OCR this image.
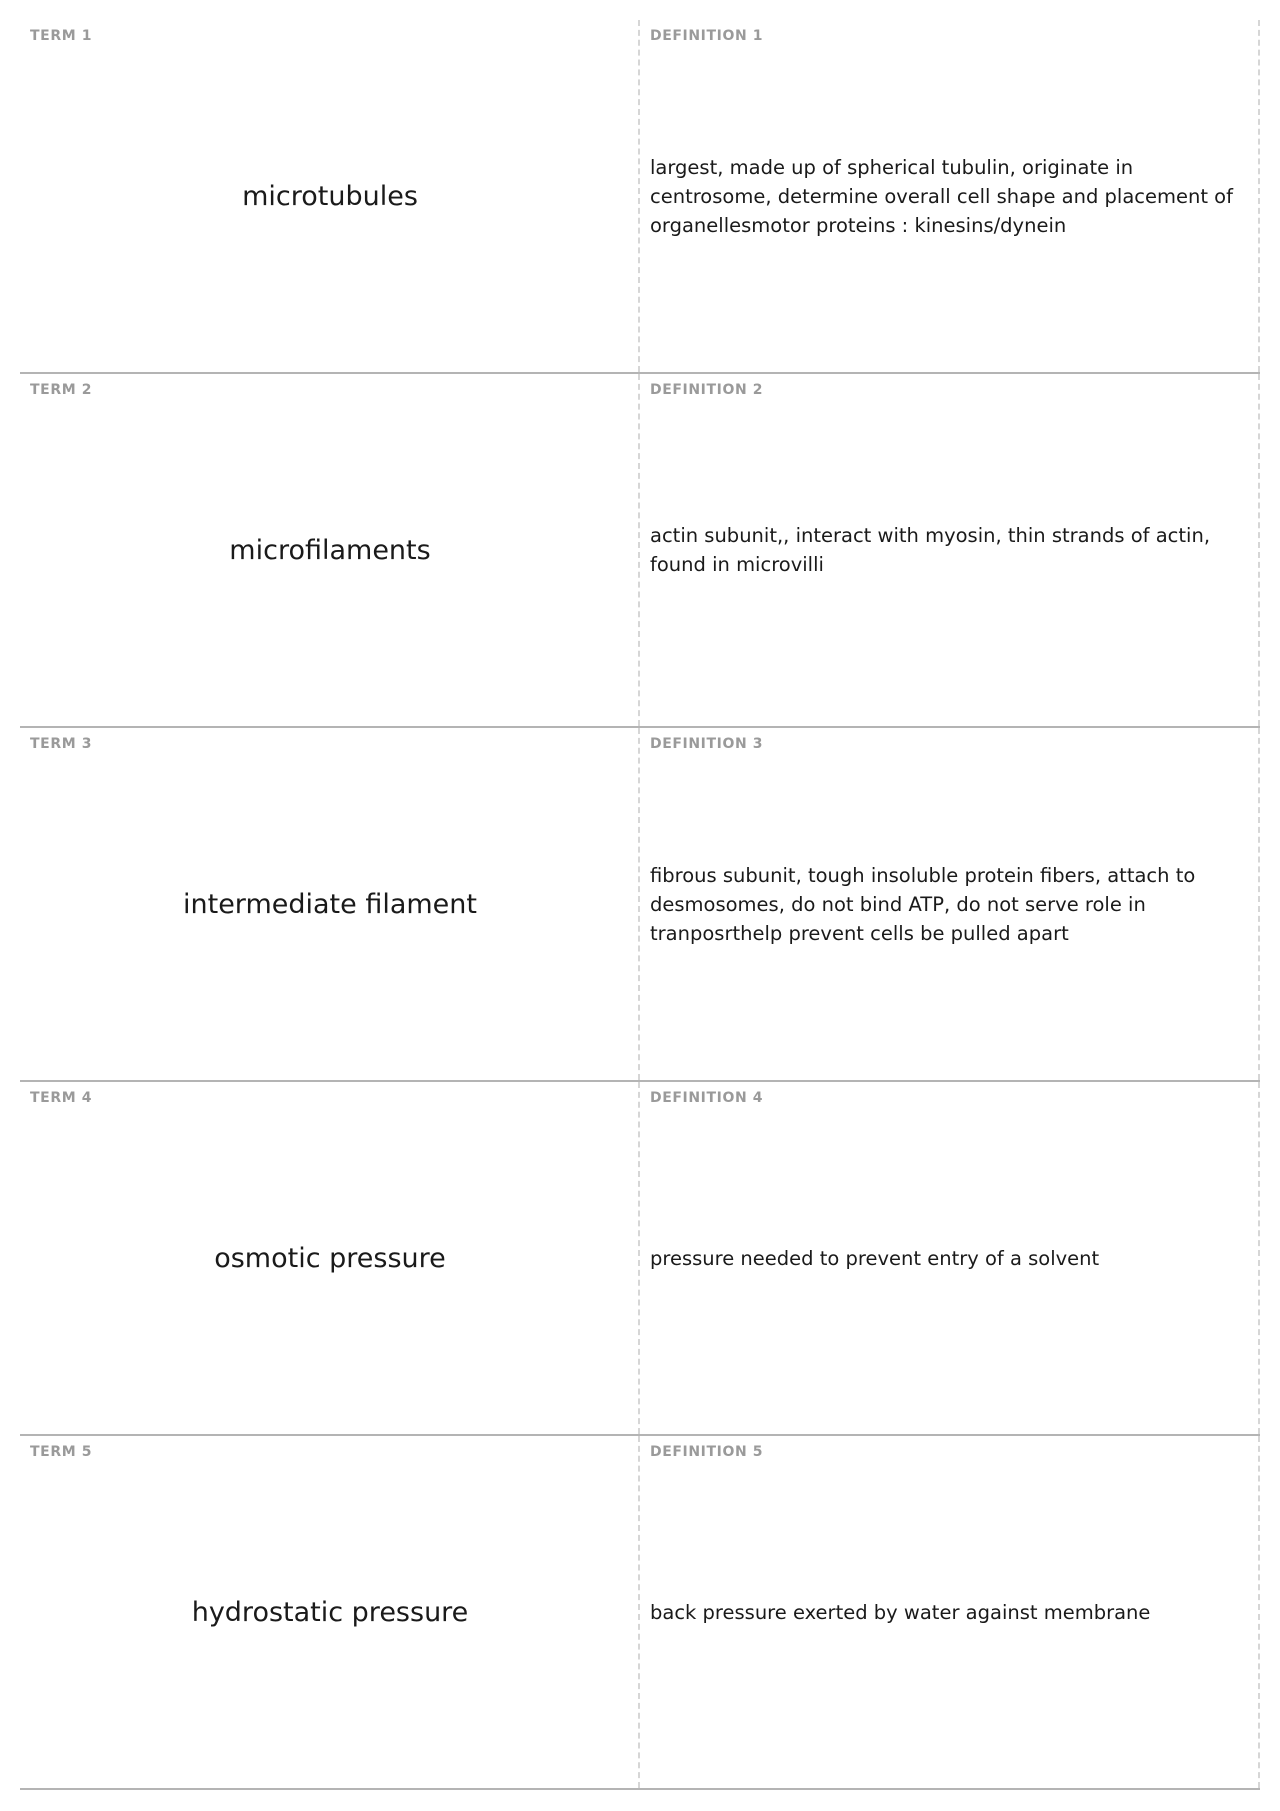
TERM 1
microtubules
DEFINITION 1
largest, made up of spherical tubulin, originate in centrosome, determine overall cell shape and placement of organellesmotor proteins : kinesins/dynein
TERM 2
microfilaments
DEFINITION 2
actin subunit,, interact with myosin, thin strands of actin, found in microvilli
TERM 3
intermediate filament
DEFINITION 3
fibrous subunit, tough insoluble protein fibers, attach to desmosomes, do not bind ATP, do not serve role in tranposrthelp prevent cells be pulled apart
TERM 4
osmotic pressure
DEFINITION 4
pressure needed to prevent entry of a solvent
TERM 5
hydrostatic pressure
DEFINITION 5
back pressure exerted by water against membrane
